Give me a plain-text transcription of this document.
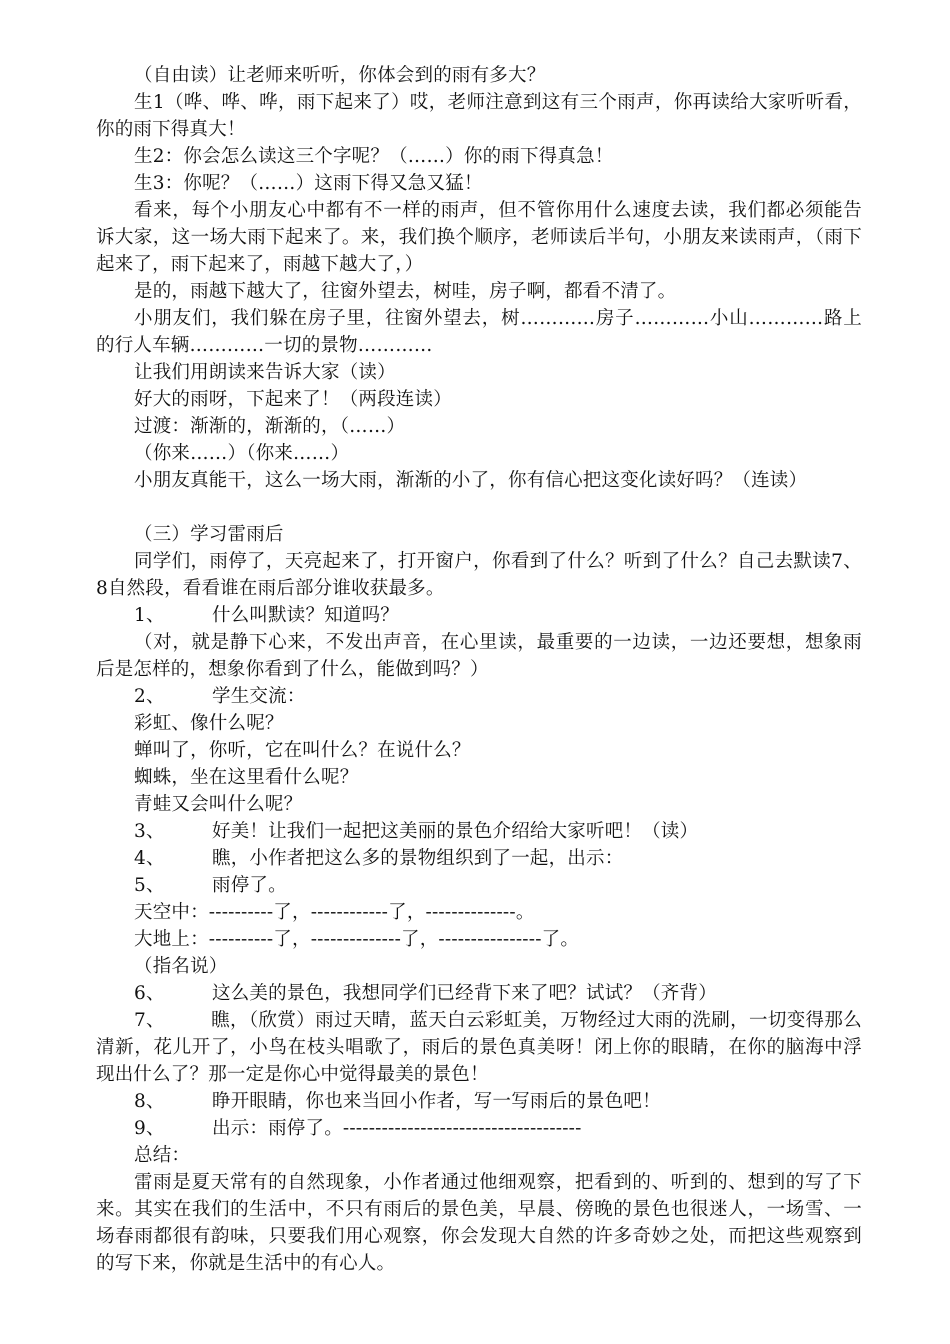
（自由读）让老师来听听，你体会到的雨有多大？

生1（哗、哗、哗，雨下起来了）哎，老师注意到这有三个雨声，你再读给大家听听看，你的雨下得真大！

生2：你会怎么读这三个字呢？（……）你的雨下得真急！

生3：你呢？（……）这雨下得又急又猛！

看来，每个小朋友心中都有不一样的雨声，但不管你用什么速度去读，我们都必须能告诉大家，这一场大雨下起来了。来，我们换个顺序，老师读后半句，小朋友来读雨声，（雨下起来了，雨下起来了，雨越下越大了，）

是的，雨越下越大了，往窗外望去，树哇，房子啊，都看不清了。

小朋友们，我们躲在房子里，往窗外望去，树…………房子…………小山…………路上的行人车辆…………一切的景物…………

让我们用朗读来告诉大家（读）

好大的雨呀，下起来了！（两段连读）

过渡：渐渐的，渐渐的，（……）

（你来……）（你来……）

小朋友真能干，这么一场大雨，渐渐的小了，你有信心把这变化读好吗？（连读）

（三）学习雷雨后

同学们，雨停了，天亮起来了，打开窗户，你看到了什么？听到了什么？自己去默读7、8自然段，看看谁在雨后部分谁收获最多。

1、	什么叫默读？知道吗？

（对，就是静下心来，不发出声音，在心里读，最重要的一边读，一边还要想，想象雨后是怎样的，想象你看到了什么，能做到吗？）

2、	学生交流：

彩虹、像什么呢？

蝉叫了，你听，它在叫什么？在说什么？

蜘蛛，坐在这里看什么呢？

青蛙又会叫什么呢？

3、	好美！让我们一起把这美丽的景色介绍给大家听吧！（读）

4、	瞧，小作者把这么多的景物组织到了一起，出示：

5、	雨停了。

天空中：----------了，------------了，--------------。

大地上：----------了，--------------了，----------------了。

（指名说）

6、	这么美的景色，我想同学们已经背下来了吧？试试？（齐背）

7、	瞧，（欣赏）雨过天晴，蓝天白云彩虹美，万物经过大雨的洗刷，一切变得那么清新，花儿开了，小鸟在枝头唱歌了，雨后的景色真美呀！闭上你的眼睛，在你的脑海中浮现出什么了？那一定是你心中觉得最美的景色！

8、	睁开眼睛，你也来当回小作者，写一写雨后的景色吧！

9、	出示：雨停了。-------------------------------------

总结：

雷雨是夏天常有的自然现象，小作者通过他细观察，把看到的、听到的、想到的写了下来。其实在我们的生活中，不只有雨后的景色美，早晨、傍晚的景色也很迷人，一场雪、一场春雨都很有韵味，只要我们用心观察，你会发现大自然的许多奇妙之处，而把这些观察到的写下来，你就是生活中的有心人。
